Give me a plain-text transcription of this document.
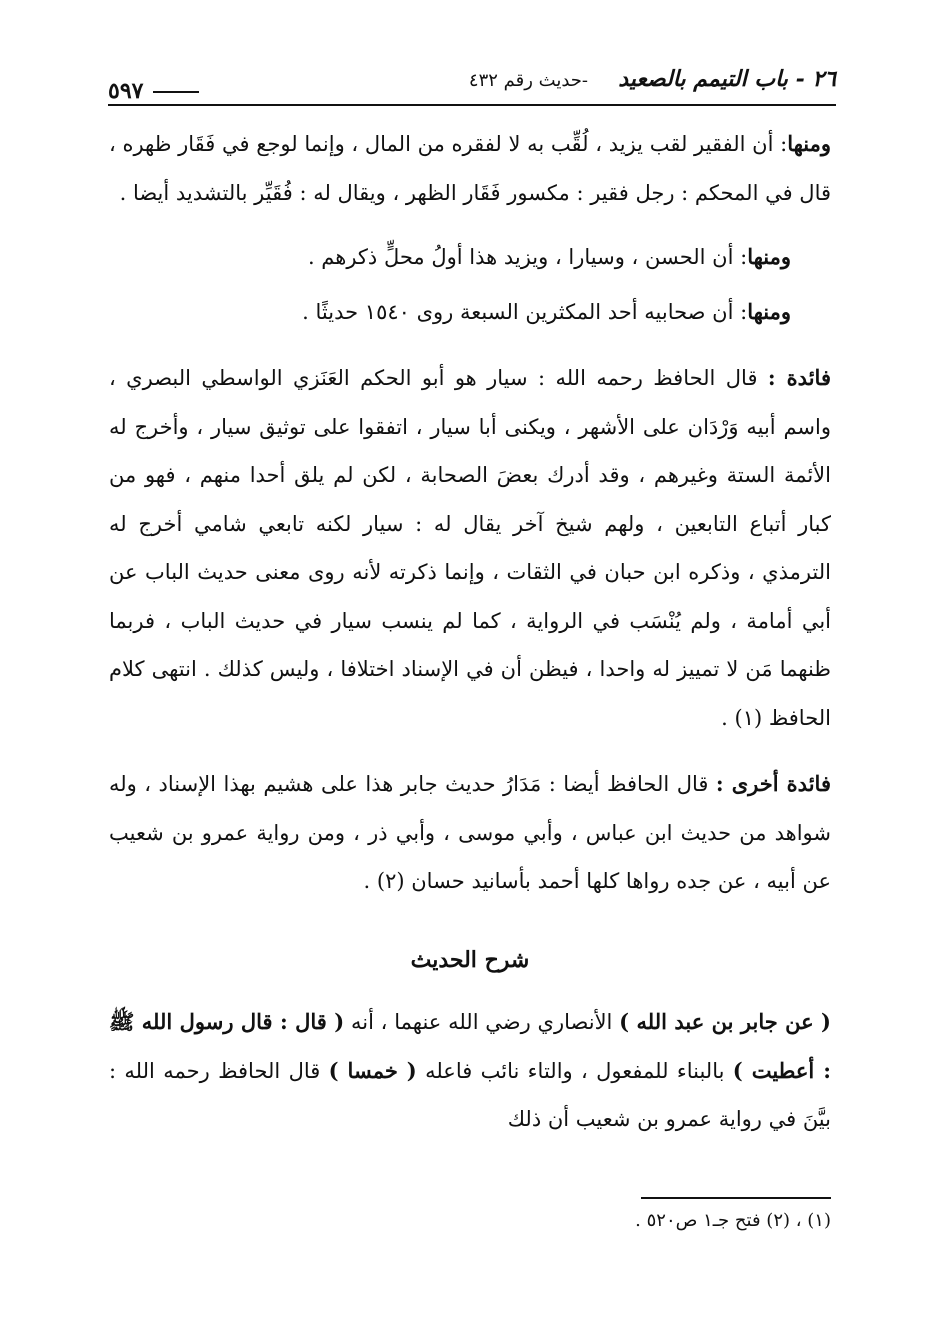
٢٦ - باب التيمم بالصعيد
-حديث رقم ٤٣٢
٥٩٧

ومنها: أن الفقير لقب يزيد ، لُقِّب به لا لفقره من المال ، وإنما لوجع في فَقَار ظهره ، قال في المحكم : رجل فقير : مكسور فَقَار الظهر ، ويقال له : فُقَيِّر بالتشديد أيضا .

ومنها: أن الحسن ، وسيارا ، ويزيد هذا أولُ محلٍّ ذكرهم .

ومنها: أن صحابيه أحد المكثرين السبعة روى ١٥٤٠ حديثًا .

فائدة : قال الحافظ رحمه الله : سيار هو أبو الحكم العَنَزي الواسطي البصري ، واسم أبيه وَرْدَان على الأشهر ، ويكنى أبا سيار ، اتفقوا على توثيق سيار ، وأخرج له الأئمة الستة وغيرهم ، وقد أدرك بعضَ الصحابة ، لكن لم يلق أحدا منهم ، فهو من كبار أتباع التابعين ، ولهم شيخ آخر يقال له : سيار لكنه تابعي شامي أخرج له الترمذي ، وذكره ابن حبان في الثقات ، وإنما ذكرته لأنه روى معنى حديث الباب عن أبي أمامة ، ولم يُنْسَب في الرواية ، كما لم ينسب سيار في حديث الباب ، فربما ظنهما مَن لا تمييز له واحدا ، فيظن أن في الإسناد اختلافا ، وليس كذلك . انتهى كلام الحافظ (١) .

فائدة أخرى : قال الحافظ أيضا : مَدَارُ حديث جابر هذا على هشيم بهذا الإسناد ، وله شواهد من حديث ابن عباس ، وأبي موسى ، وأبي ذر ، ومن رواية عمرو بن شعيب عن أبيه ، عن جده رواها كلها أحمد بأسانيد حسان (٢) .

شرح الحديث

( عن جابر بن عبد الله ) الأنصاري رضي الله عنهما ، أنه ( قال : قال رسول الله ﷺ : أعطيت ) بالبناء للمفعول ، والتاء نائب فاعله ( خمسا ) قال الحافظ رحمه الله : بيَّنَ في رواية عمرو بن شعيب أن ذلك

(١) ، (٢) فتح جـ١ ص٥٢٠ .
